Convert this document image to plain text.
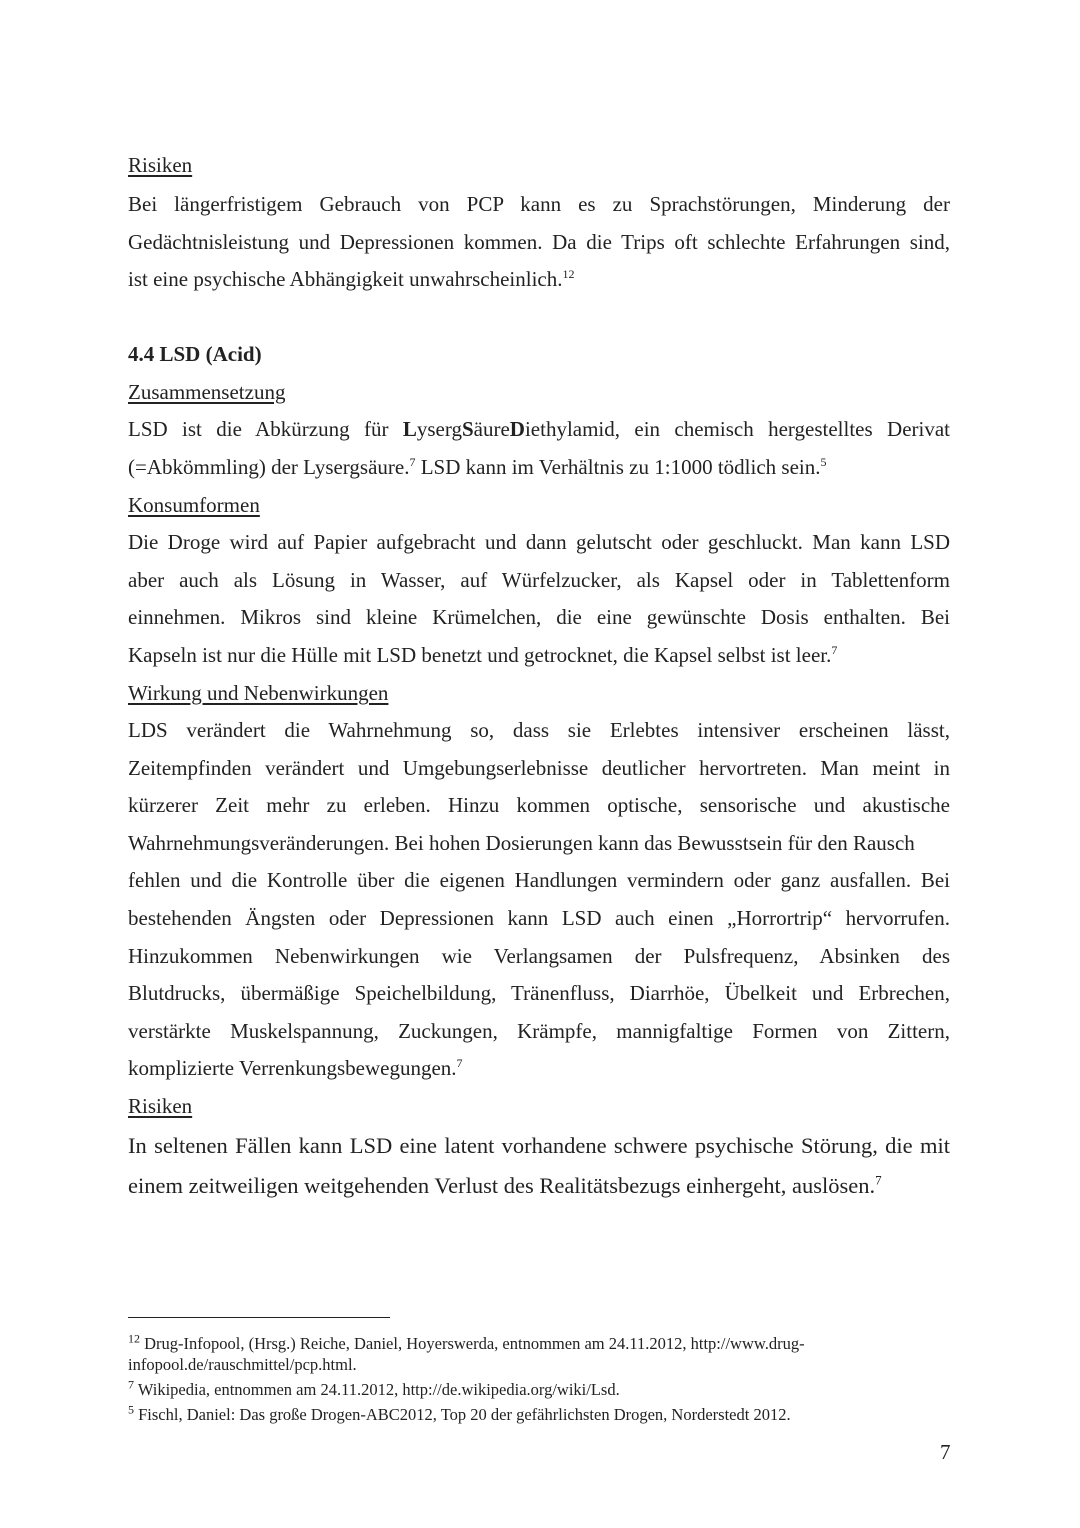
Risiken
Bei längerfristigem Gebrauch von PCP kann es zu Sprachstörungen, Minderung der
Gedächtnisleistung und Depressionen kommen. Da die Trips oft schlechte Erfahrungen sind,
ist eine psychische Abhängigkeit unwahrscheinlich.$^{12}$
4.4 LSD (Acid)
Zusammensetzung
LSD ist die Abkürzung für LysergSäureDiethylamid, ein chemisch hergestelltes Derivat
(=Abkömmling) der Lysergsäure.$^7$ LSD kann im Verhältnis zu 1:1000 tödlich sein.$^5$
Konsumformen
Die Droge wird auf Papier aufgebracht und dann gelutscht oder geschluckt. Man kann LSD
aber auch als Lösung in Wasser, auf Würfelzucker, als Kapsel oder in Tablettenform
einnehmen. Mikros sind kleine Krümelchen, die eine gewünschte Dosis enthalten. Bei
Kapseln ist nur die Hülle mit LSD benetzt und getrocknet, die Kapsel selbst ist leer.$^7$
Wirkung und Nebenwirkungen
LDS verändert die Wahrnehmung so, dass sie Erlebtes intensiver erscheinen lässt,
Zeitempfinden verändert und Umgebungserlebnisse deutlicher hervortreten. Man meint in
kürzerer Zeit mehr zu erleben. Hinzu kommen optische, sensorische und akustische
Wahrnehmungsveränderungen. Bei hohen Dosierungen kann das Bewusstsein für den Rausch
fehlen und die Kontrolle über die eigenen Handlungen vermindern oder ganz ausfallen. Bei
bestehenden Ängsten oder Depressionen kann LSD auch einen „Horrortrip“ hervorrufen.
Hinzukommen Nebenwirkungen wie Verlangsamen der Pulsfrequenz, Absinken des
Blutdrucks, übermäßige Speichelbildung, Tränenfluss, Diarrhöe, Übelkeit und Erbrechen,
verstärkte Muskelspannung, Zuckungen, Krämpfe, mannigfaltige Formen von Zittern,
komplizierte Verrenkungsbewegungen.$^7$
Risiken
In seltenen Fällen kann LSD eine latent vorhandene schwere psychische Störung, die mit
einem zeitweiligen weitgehenden Verlust des Realitätsbezugs einhergeht, auslösen.$^7$
$^{12}$ Drug-Infopool, (Hrsg.) Reiche, Daniel, Hoyerswerda, entnommen am 24.11.2012, http://www.drug-
infopool.de/rauschmittel/pcp.html.
$^7$ Wikipedia, entnommen am 24.11.2012, http://de.wikipedia.org/wiki/Lsd.
$^5$ Fischl, Daniel: Das große Drogen-ABC2012, Top 20 der gefährlichsten Drogen, Norderstedt 2012.
7
